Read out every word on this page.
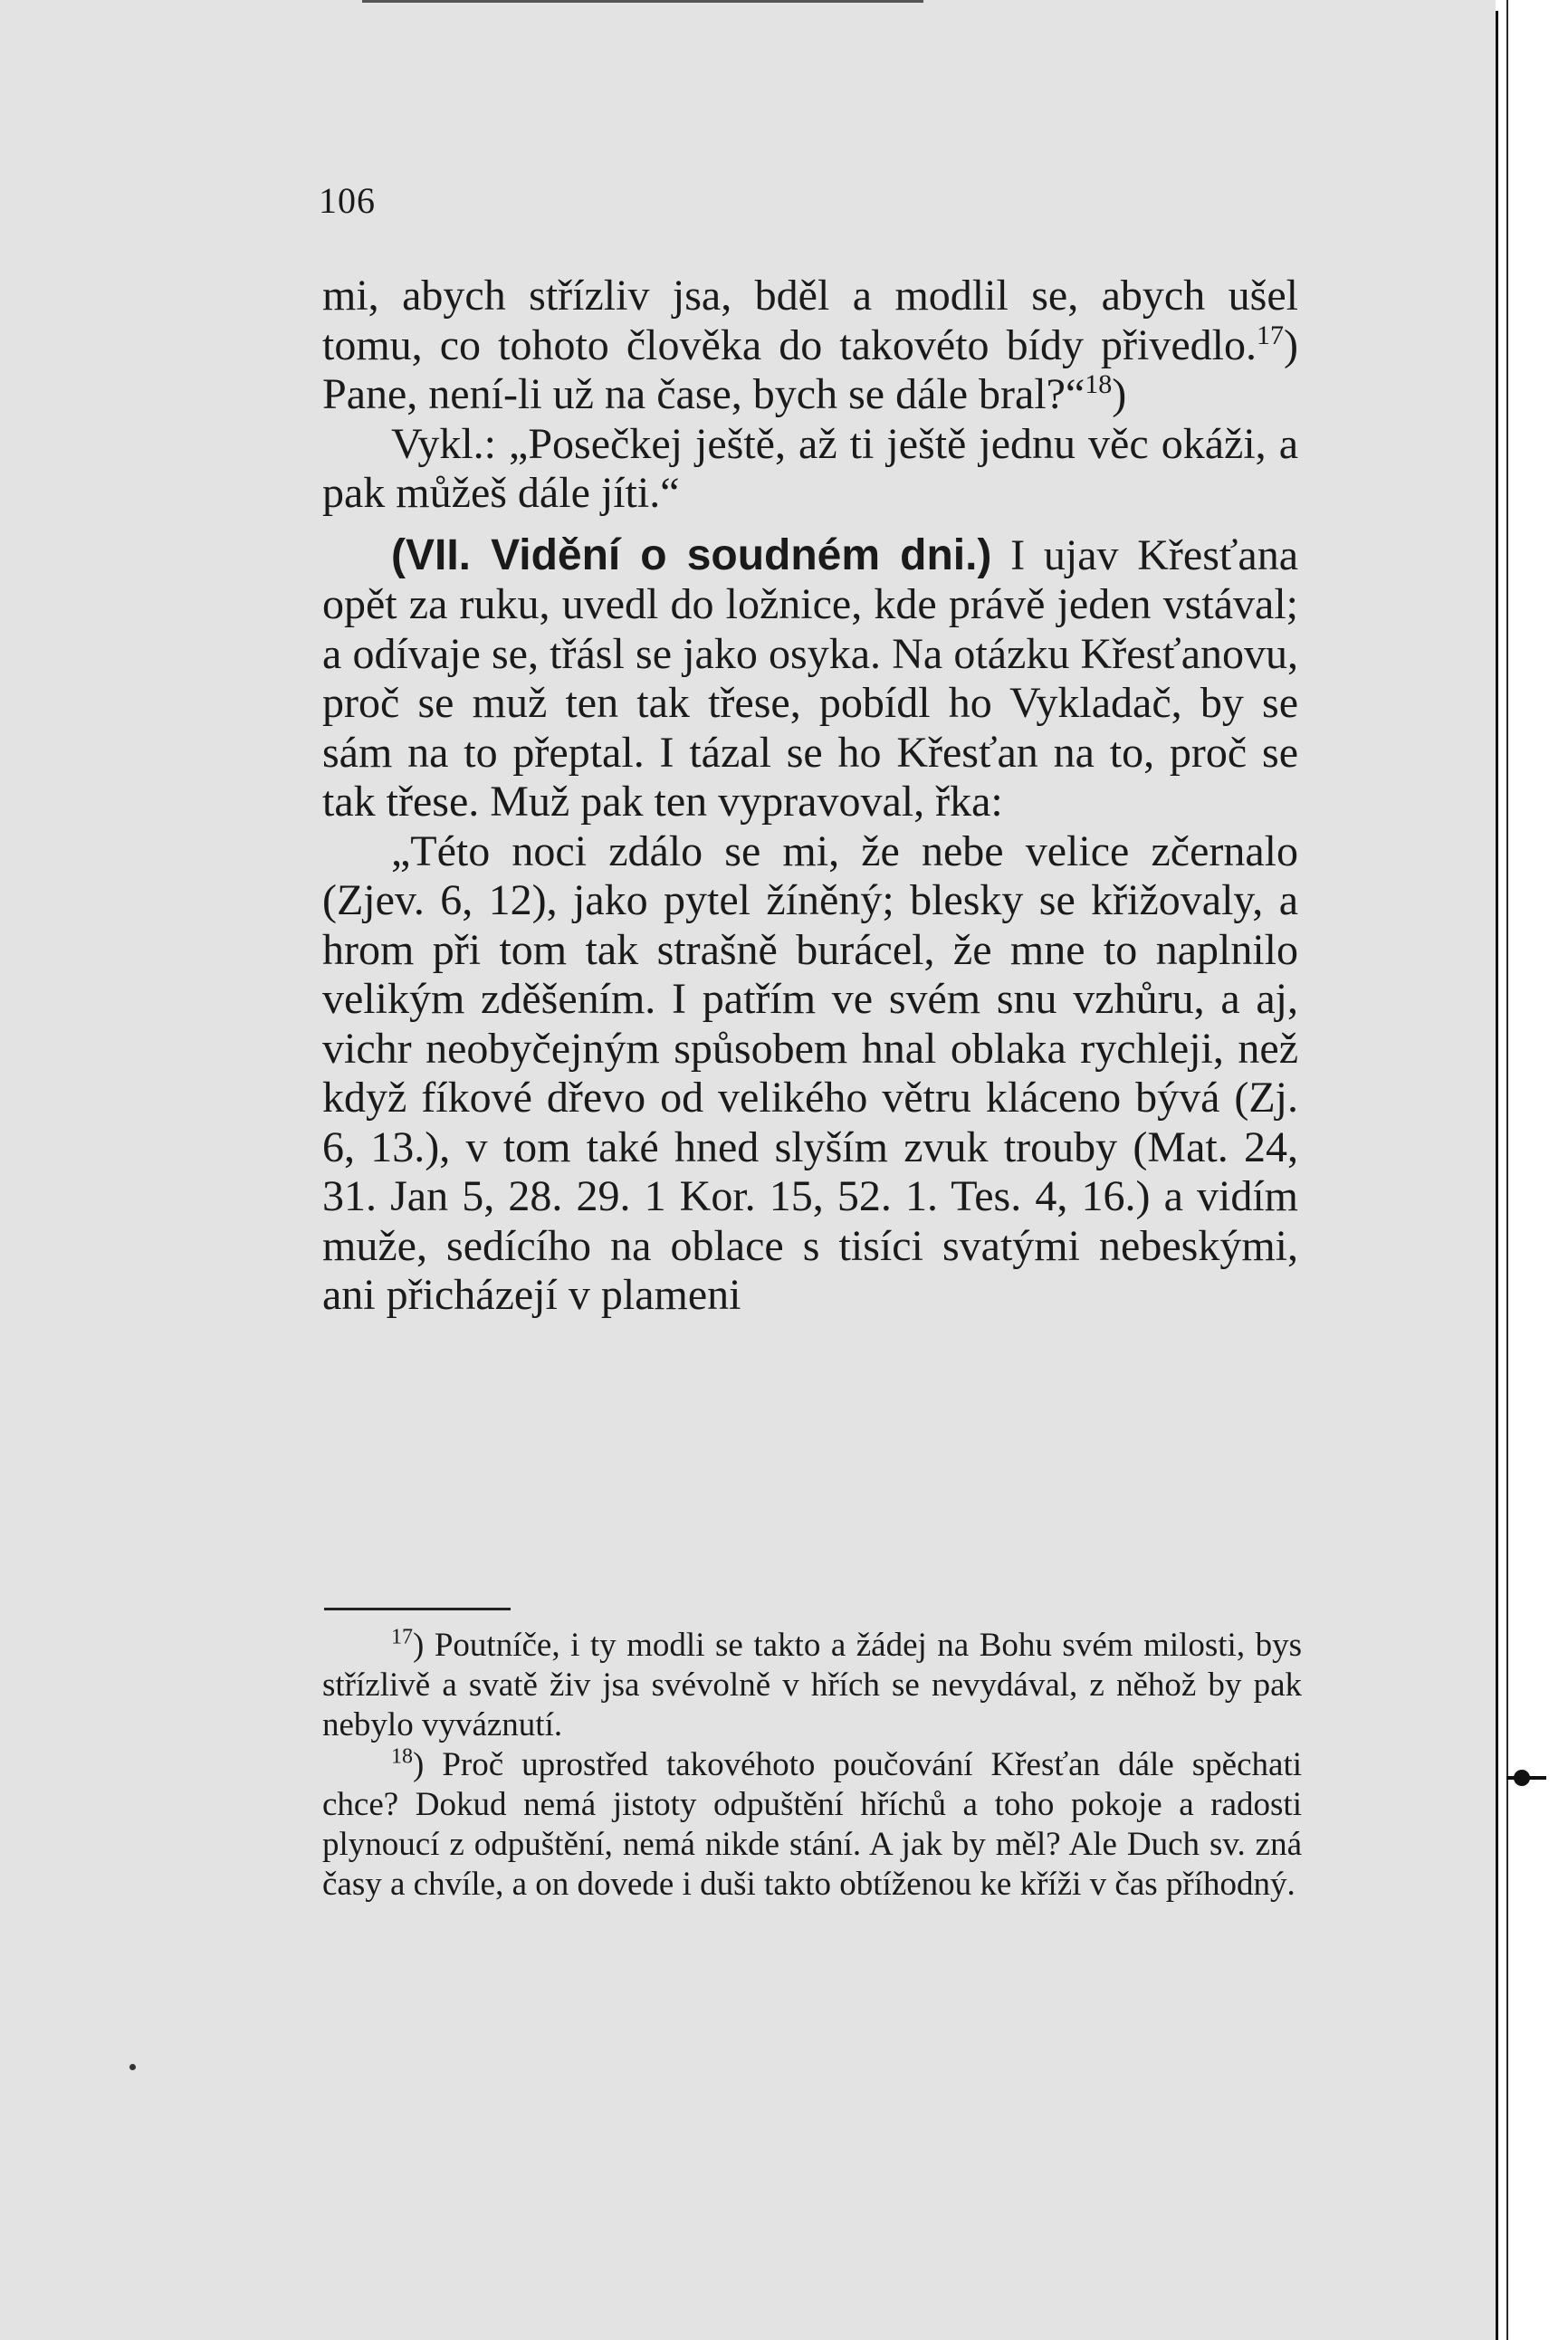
106

mi, abych střízliv jsa, bděl a modlil se, abych ušel tomu, co tohoto člověka do takovéto bídy přivedlo.$^{17}$) Pane, není-li už na čase, bych se dále bral?“$^{18}$)

Vykl.: „Posečkej ještě, až ti ještě jednu věc okáži, a pak můžeš dále jíti.“

(VII. Vidění o soudném dni.) I ujav Křesťana opět za ruku, uvedl do ložnice, kde právě jeden vstával; a odívaje se, třásl se jako osyka. Na otázku Křesťanovu, proč se muž ten tak třese, pobídl ho Vykladač, by se sám na to přeptal. I tázal se ho Křesťan na to, proč se tak třese. Muž pak ten vypravoval, řka:

„Této noci zdálo se mi, že nebe velice zčernalo (Zjev. 6, 12), jako pytel žíněný; blesky se křižovaly, a hrom při tom tak strašně burácel, že mne to naplnilo velikým zděšením. I patřím ve svém snu vzhůru, a aj, vichr neobyčejným spůsobem hnal oblaka rychleji, než když fíkové dřevo od velikého větru kláceno bývá (Zj. 6, 13.), v tom také hned slyším zvuk trouby (Mat. 24, 31. Jan 5, 28. 29. 1 Kor. 15, 52. 1. Tes. 4, 16.) a vidím muže, sedícího na oblace s tisíci svatými nebeskými, ani přicházejí v plameni

$^{17}$) Poutníče, i ty modli se takto a žádej na Bohu svém milosti, bys střízlivě a svatě živ jsa svévolně v hřích se nevydával, z něhož by pak nebylo vyváznutí.

$^{18}$) Proč uprostřed takovéhoto poučování Křesťan dále spěchati chce? Dokud nemá jistoty odpuštění hříchů a toho pokoje a radosti plynoucí z odpuštění, nemá nikde stání. A jak by měl? Ale Duch sv. zná časy a chvíle, a on dovede i duši takto obtíženou ke kříži v čas příhodný.
